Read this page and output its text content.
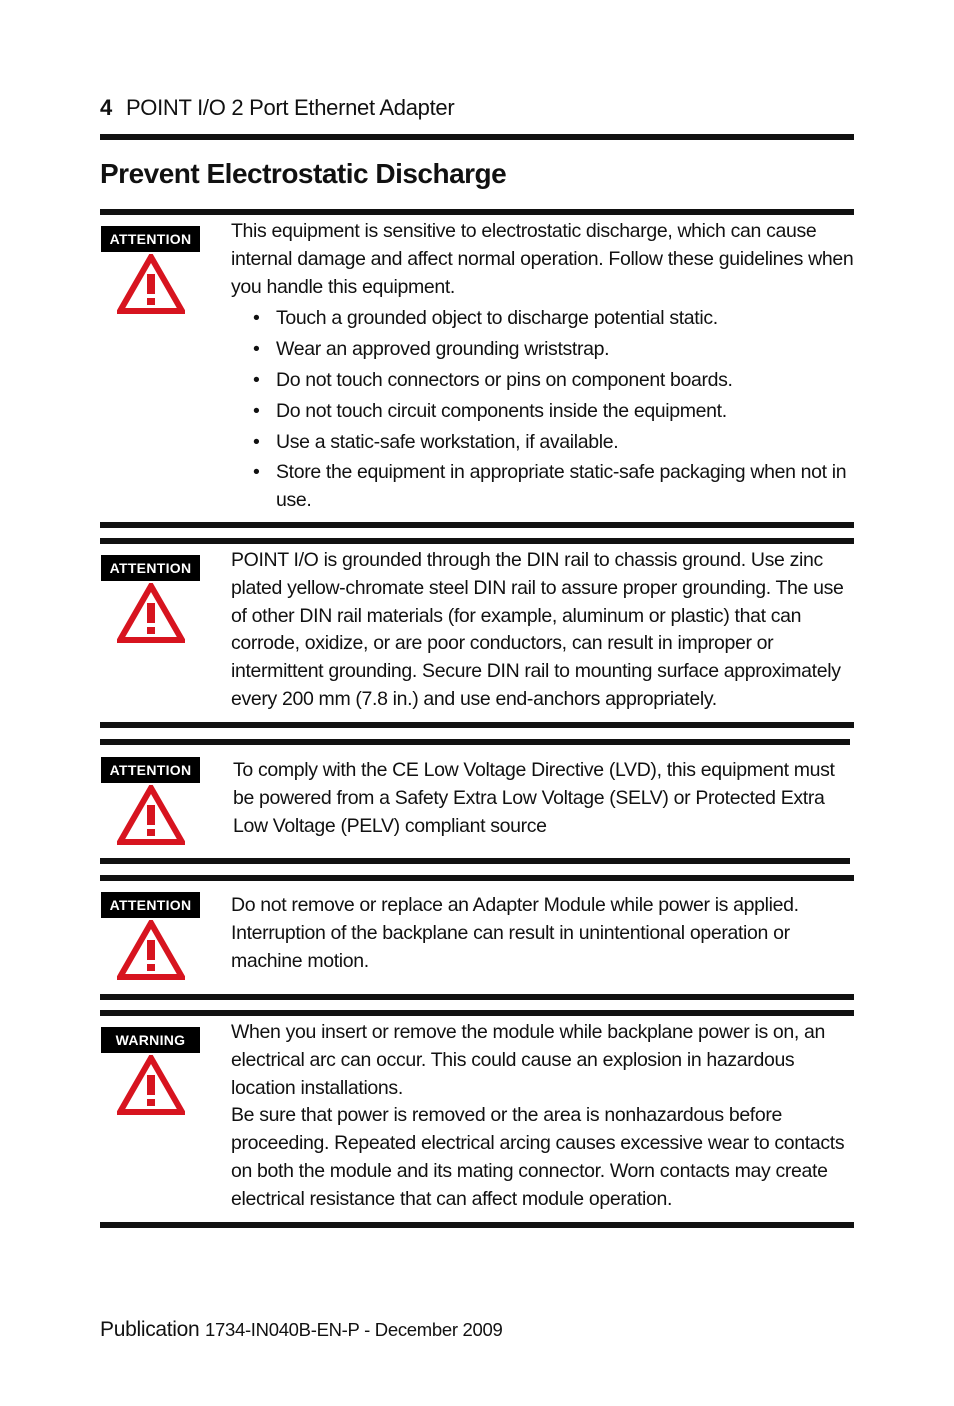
4 POINT I/O 2 Port Ethernet Adapter
Prevent Electrostatic Discharge
ATTENTION	This equipment is sensitive to electrostatic discharge, which can cause internal damage and affect normal operation. Follow these guidelines when you handle this equipment.

• Touch a grounded object to discharge potential static.
• Wear an approved grounding wriststrap.
• Do not touch connectors or pins on component boards.
• Do not touch circuit components inside the equipment.
• Use a static-safe workstation, if available.
• Store the equipment in appropriate static-safe packaging when not in use.
ATTENTION	POINT I/O is grounded through the DIN rail to chassis ground. Use zinc plated yellow-chromate steel DIN rail to assure proper grounding. The use of other DIN rail materials (for example, aluminum or plastic) that can corrode, oxidize, or are poor conductors, can result in improper or intermittent grounding. Secure DIN rail to mounting surface approximately every 200 mm (7.8 in.) and use end-anchors appropriately.

ATTENTION	To comply with the CE Low Voltage Directive (LVD), this equipment must be powered from a Safety Extra Low Voltage (SELV) or Protected Extra Low Voltage (PELV) compliant source

ATTENTION	Do not remove or replace an Adapter Module while power is applied. Interruption of the backplane can result in unintentional operation or machine motion.

WARNING	When you insert or remove the module while backplane power is on, an electrical arc can occur. This could cause an explosion in hazardous location installations.

Be sure that power is removed or the area is nonhazardous before proceeding. Repeated electrical arcing causes excessive wear to contacts on both the module and its mating connector. Worn contacts may create electrical resistance that can affect module operation.

Publication 1734-IN040B-EN-P - December 2009
